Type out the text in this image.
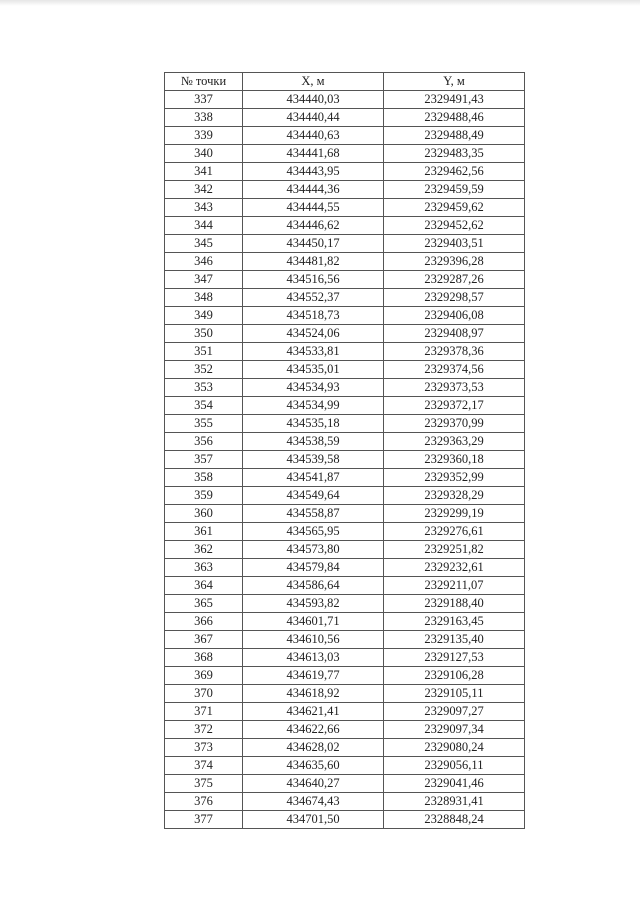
№ точки	X, м	Y, м
337	434440,03	2329491,43
338	434440,44	2329488,46
339	434440,63	2329488,49
340	434441,68	2329483,35
341	434443,95	2329462,56
342	434444,36	2329459,59
343	434444,55	2329459,62
344	434446,62	2329452,62
345	434450,17	2329403,51
346	434481,82	2329396,28
347	434516,56	2329287,26
348	434552,37	2329298,57
349	434518,73	2329406,08
350	434524,06	2329408,97
351	434533,81	2329378,36
352	434535,01	2329374,56
353	434534,93	2329373,53
354	434534,99	2329372,17
355	434535,18	2329370,99
356	434538,59	2329363,29
357	434539,58	2329360,18
358	434541,87	2329352,99
359	434549,64	2329328,29
360	434558,87	2329299,19
361	434565,95	2329276,61
362	434573,80	2329251,82
363	434579,84	2329232,61
364	434586,64	2329211,07
365	434593,82	2329188,40
366	434601,71	2329163,45
367	434610,56	2329135,40
368	434613,03	2329127,53
369	434619,77	2329106,28
370	434618,92	2329105,11
371	434621,41	2329097,27
372	434622,66	2329097,34
373	434628,02	2329080,24
374	434635,60	2329056,11
375	434640,27	2329041,46
376	434674,43	2328931,41
377	434701,50	2328848,24
